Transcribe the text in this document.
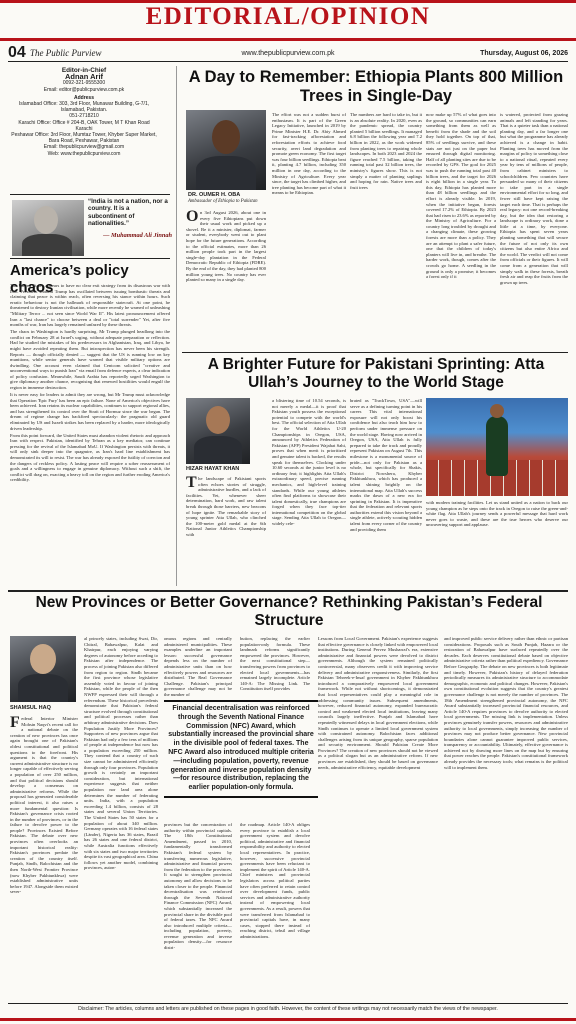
EDITORIAL/OPINION
04 The Public Purview	www.thepublicpurview.com.pk	Thursday, August 06, 2026
Editor-in-Chief
Adnan Arif
0092-321-9555300
Email: editor@publicpurview.com.pk
Address
Islamabad Office: 303, 3rd Floor, Munawar Building, G-7/1, Islamabad, Pakistan.
051-2718210
Karachi Office: Office # 204-B, OAK Tower, M T Khan Road Karachi
Peshawar Office: 3rd Floor, Mumtaz Tower, Khyber Super Market, Bara Road, Peshawar, Pakistan
Email: thepublicpurview@gmail.com
Web: www.thepublicpurview.com
“India is not a nation, nor a country. It is a subcontinent of nationalities.”
— Muhammad Ali Jinnah
America’s policy chaos

The United States appears to have no clear exit strategy from its disastrous war with Iran. President Donald Trump has oscillated between issuing bombastic threats and claiming that peace is within reach, often reversing his stance within hours. Such erratic behaviour is not the hallmark of responsible statecraft. At one point, he threatened to destroy Iranian civilisation, while more recently he warned of unleashing "Military Terror ... not seen since World War II". His latest pronouncement offered Iran a "last chance" to choose between a deal or "total surrender" Yet, after five months of war, Iran has largely remained unfazed by these threats.

The chaos in Washington is hardly surprising. Mr Trump plunged headlong into the conflict on February 28 at Israel's urging, without adequate preparation or reflection. Had he studied the mistakes of his predecessors in Afghanistan, Iraq, and Libya, he might have avoided repeating them. But introspection has never been his strength. Reports — though officially denied — suggest that the US is running low on key munitions, while senior generals have warned that visible military options are dwindling. One account even claimed that Centcom solicited "creative and unconventional ways to punish Iran" via email from defence experts, a clear indication of policy confusion. Meanwhile, Saudi Arabia has reportedly urged Washington to give diplomacy another chance, recognising that renewed hostilities would engulf the region in immense destruction.

It is never easy for leaders to admit they are wrong, but Mr Trump must acknowledge that Operation 'Epic Fury' has been an epic failure. None of America's objectives have been achieved. Iran retains its nuclear capabilities, continues to support regional allies, and has strengthened its control over the Strait of Hormuz since the war began. The dream of regime change has backfired spectacularly: the pragmatic old guard eliminated by US and Israeli strikes has been replaced by a harder, more ideologically driven leadership.

From this point forward, the United States must abandon violent rhetoric and approach Iran with respect. Pakistan, identified by Tehran as a key mediator, can continue pressing for the revival of the Islamabad MoU. If Washington persists with threats, it will only sink deeper into the quagmire, as Iran's hard line establishment has demonstrated its will to resist. The war has already exposed the futility of coercion and the dangers of reckless policy. A lasting peace will require a sober reassessment of goals and a willingness to engage in genuine diplomacy. Without such a shift, the conflict will drag on, exacting a heavy toll on the region and further eroding America's credibility.

A Day to Remember: Ethiopia Plants 800 Million Trees in Single-Day
DR. OUMER H. OBA
Ambassador of Ethiopia to Pakistan
On 3rd August 2026, about one in every five Ethiopians put down their usual work and picked up a shovel. Be it a minister, diplomat, farmer or student, everybody went out to plant hope for the future generations. According to the official estimates, more than 26 million people took part in the largest single-day plantation in the Federal Democratic Republic of Ethiopia (FDRE). By the end of the day, they had planted 800 million young trees. No country has ever planted so many in a single day.

The effort was not a sudden burst of enthusiasm. It is part of the Green Legacy Initiative, launched in 2019 by Prime Minister H.E. Dr. Abiy Ahmed for fast-tracking afforestation and reforestation efforts to achieve food security, avert land degradation and promote green economy. The first target was four billion seedlings. Ethiopia beat it, planting 4.7 billion, including 350 million in one day, according to the Ministry of Agriculture. Every year since, the target has climbed higher, and tree planting has become part of what it means to be Ethiopian.

The numbers are hard to take in, but it is an absolute reality. In 2020, even as the pandemic spread, the country planted 5 billion seedlings. It managed 6.8 billion the following year and 7.2 billion in 2022, as the work widened from planting trees to repairing whole landscapes. In both 2023 and 2024 the figure reached 7.5 billion, taking the running total past 32 billion trees, the ministry's figures show. This is not simply a matter of planting saplings and hoping for rain. Native trees and fruit trees

now make up 57% of what goes into the ground, so communities can earn something from them as well as benefit from the shade and the soil they hold together. On top of that, 85% of seedlings survive, and these stats are not just on the paper but ensured through digital monitoring. Half of all planting sites are due to be recorded by GPS. The goal for 2025 was to push the running total past 40 billion trees, and the target for 2026 is eight billion in a single year. To this day, Ethiopia has planted more than 48 billion seedlings and the effort is already visible. In 2019, when the initiative began, forests covered 17.2% of Ethiopia. By 2023 that had risen to 23.6% as reported by the Ministry of Agriculture. For a country long troubled by drought and a changing climate, these growing forests are more than a policy. They are an attempt to plant a safer future, one that the children of today's planters will live in, and breathe. The harder work, though, comes after the crowds go home. A seedling in the ground is only a promise; it becomes a forest only if it

is watered, protected from grazing animals and left standing for years. That is a quieter task than a national planting day, and a far longer one but what the programme has already achieved is a change in habit. Planting trees has moved from the margins of policy to something close to a national ritual, repeated every year by tens of millions of people, from cabinet ministers to schoolchildren. Few countries have persuaded so many of their citizens to take part in a single environmental effort for so long, and fewer still have kept raising the target each time. That is perhaps the real legacy: not one record-breaking day, but the idea that restoring a landscape is ordinary work, done a little at a time, by everyone. Ethiopia has spent seven years planting something that will secure the future of not only its own citizens but also entire Africa and the world. The verdict will not come from officials or their figures. It will come from a generation that will simply walk in these forests, breath fresh air and reap the fruits from the grown up trees.

A Brighter Future for Pakistani Sprinting: Atta Ullah’s Journey to the World Stage
HIZAR HAYAT KHAN
The landscape of Pakistani sports often echoes stories of struggle, administrative hurdles, and a lack of facilities. Yet, whenever sheer determination, hard work, and raw talent break through those barriers, new beacons of hope ignite. The remarkable story of young sprinter Atta Ullah, who clinched the 100-meter gold medal at the 6th National Junior Athletics Championship with

a blistering time of 10.54 seconds, is not merely a medal—it is proof that Pakistan youth possess the exceptional potential to compete with the world's best. The official selection of Atta Ullah for the World Athletics U-20 Championships in Oregon, USA, announced by Athletics Federation of Pakistan (AFP) President Wajahat Sahi, proves that when merit is prioritized and genuine talent is backed, the results speak for themselves. Clocking under 10.60 seconds at the junior level is no ordinary feat; it highlights Atta Ullah's extraordinary speed, precise running mechanics, and high-level training standards. While our young athletes often find platforms to showcase their talent domestically, true champions are forged when they face top-tier international competition on the global stage. Sending Atta Ullah to Oregon—widely cele-

brated as "TrackTown, USA"—will serve as a defining turning point in his career. This vital international exposure will not only boost his confidence but also teach him how to perform under immense pressure on the world stage. Having now arrived in Oregon, USA, Atta Ullah is fully prepared to take the track and proudly represent Pakistan on August 7th. This milestone is a monumental source of pride—not only for Pakistan as a whole, but specifically for Shakis, District Nowshera, Khyber Pakhtunkhwa, which has produced a talent shining brightly on the international map. Atta Ullah's success marks the dawn of a new era for sprinting in Pakistan. It is imperative that the federation and relevant sports authorities extend this vision beyond a single athlete, actively scouting hidden talent from every corner of the country and providing them

with modern training facilities. Let us stand united as a nation to back our young champion as he steps onto the track in Oregon to raise the green-and-white flag. Atta Ullah's journey sends a powerful message that hard work never goes to waste, and these are the true heroes who deserve our unwavering support and applause.

New Provinces or Better Governance? Rethinking Pakistan’s Federal Structure
SHAMSUL HAQ
Federal Interior Minister Mohsin Naqvi's recent call for a national debate on the creation of new provinces has once again brought one of Pakistan's oldest constitutional and political questions to the forefront. His argument is that the country's current administrative structure is no longer capable of effectively serving a population of over 250 million, and that political decisions should develop a consensus on administrative reforms. While the proposal has generated considerable political interest, it also raises a more fundamental question: Is Pakistan's governance crisis rooted in the number of provinces, or in the failure to devolve power to the people? Provinces Existed Before Pakistan. The debate over new provinces often overlooks an important historical reality: Pakistan's provinces predate the creation of the country itself. Punjab, Sindh, Balochistan and the then North-West Frontier Province (now Khyber Pakhtunkhwa) were established administrative units before 1947. Alongside them existed sever-

al princely states, including Swat, Dir, Chitral, Bahawalpur, Kalat and Khairpur, each enjoying varying degrees of autonomy before acceding to Pakistan after independence. The process of joining Pakistan also differed from region to region. Sindh became the first province whose legislative assembly voted in favour of joining Pakistan, while the people of the then NWFP expressed their will through a referendum. These historical precedents demonstrate that Pakistan's federal structure evolved through constitutional and political processes rather than arbitrary administrative decisions. Does Population Justify More Provinces? Supporters of new provinces argue that Pakistan had only a few tens of millions of people at independence but now has a population exceeding 250 million. They contend that a country of such size cannot be administered efficiently through only four provinces. Population growth is certainly an important consideration, but international experience suggests that neither population nor land area alone determines the number of federating units. India, with a population exceeding 1.4 billion, consists of 28 states and several Union Territories. The United States has 50 states for a population of about 340 million. Germany operates with 16 federal states (Länder), Nigeria has 36 states, Brazil has 26 states and one federal district, while Australia functions effectively with six states and two major territories despite its vast geographical area. China follows yet another model, combining provinces, auton-

omous regions and centrally administered municipalities. These examples underline an important lesson: successful governance depends less on the number of administrative units than on how effectively powers and resources are distributed. The Real Governance Challenge. Pakistan's principal governance challenge may not be the number of

bution, replacing the earlier population-only formula. These landmark reforms significantly empowered the provinces. However, the next constitutional step—transferring powers from provinces to elected local governments—has remained largely incomplete. Article 140-A: The Missing Link. The Constitution itself provides

Financial decentralisation was reinforced through the Seventh National Finance Commission (NFC) Award, which substantially increased the provincial share in the divisible pool of federal taxes. The NFC Award also introduced multiple criteria—including population, poverty, revenue generation and inverse population density—for resource distribution, replacing the earlier population-only formula.

provinces but the concentration of authority within provincial capitals. The 18th Constitutional Amendment, passed in 2010, fundamentally transformed Pakistan's federal system by transferring numerous legislative, administrative and financial powers from the federation to the provinces. It sought to strengthen provincial autonomy and allow decisions to be taken closer to the people. Financial decentralisation was reinforced through the Seventh National Finance Commission (NFC) Award, which substantially increased the provincial share in the divisible pool of federal taxes. The NFC Award also introduced multiple criteria—including population, poverty, revenue generation and inverse population density—for resource distri-

the roadmap. Article 140-A obliges every province to establish a local government system and devolve political, administrative and financial responsibility and authority to elected local representatives. In practice, however, successive provincial governments have been reluctant to implement the spirit of Article 140-A. Chief ministers and provincial legislators across political parties have often preferred to retain control over development funds, public services and administrative authority instead of empowering local governments. As a result, powers that were transferred from Islamabad to provincial capitals have, in many cases, stopped there instead of reaching district, tehsil and village administrations.

Lessons from Local Government. Pakistan's experience suggests that effective governance is closely linked with empowered local institutions. During General Pervez Musharraf's era, extensive administrative and financial powers were devolved to district governments. Although the system remained politically controversial, many observers credit it with improving service delivery and administrative responsiveness. Similarly, the first Pakistan Tehreek-e-Insaf government in Khyber Pakhtunkhwa introduced a comparatively empowered local government framework. While not without shortcomings, it demonstrated that local representatives could play a meaningful role in addressing community issues. Subsequent amendments, however, reduced financial autonomy, expanded bureaucratic control and weakened elected local institutions, leaving many councils largely ineffective. Punjab and Islamabad have repeatedly witnessed delays in local government elections, while Sindh continues to operate a limited local government system with constrained autonomy. Balochistan faces additional challenges arising from its unique geography, sparse population and security environment. Should Pakistan Create More Provinces? The creation of new provinces should not be viewed as a political slogan but as an administrative reform. If new provinces are established, they should be based on governance needs, administrative efficiency, equitable development

and improved public service delivery rather than ethnic or partisan considerations. Proposals such as South Punjab, Hazara or the restoration of Bahawalpur have surfaced repeatedly over the decades. Each deserves constitutional debate based on objective administrative criteria rather than political expediency. Governance Before Geography. The debate on new provinces is both legitimate and timely. However, Pakistan's history of delayed federation periodically measures its administrative structure to accommodate demographic, economic and political changes. However, Pakistan's own constitutional evolution suggests that the country's greatest governance challenge is not merely the number of provinces. The 18th Amendment strengthened provincial autonomy, the NFC Award substantially increased provincial financial resources, and Article 140-A requires provinces to devolve authority to elected local governments. The missing link is implementation. Unless provinces genuinely transfer powers, resources and administrative authority to local governments, simply increasing the number of provinces may not produce better governance. New provincial boundaries alone cannot guarantee improved public services, transparency or accountability. Ultimately, effective governance is achieved not by drawing more lines on the map but by ensuring that power reaches the people. Pakistan's constitutional framework already provides the necessary tools; what remains is the political will to implement them.

Disclaimer: The articles, columns and letters are published on these pages in good faith. However, the content of these writings may not necessarily match the views of the newspaper.
